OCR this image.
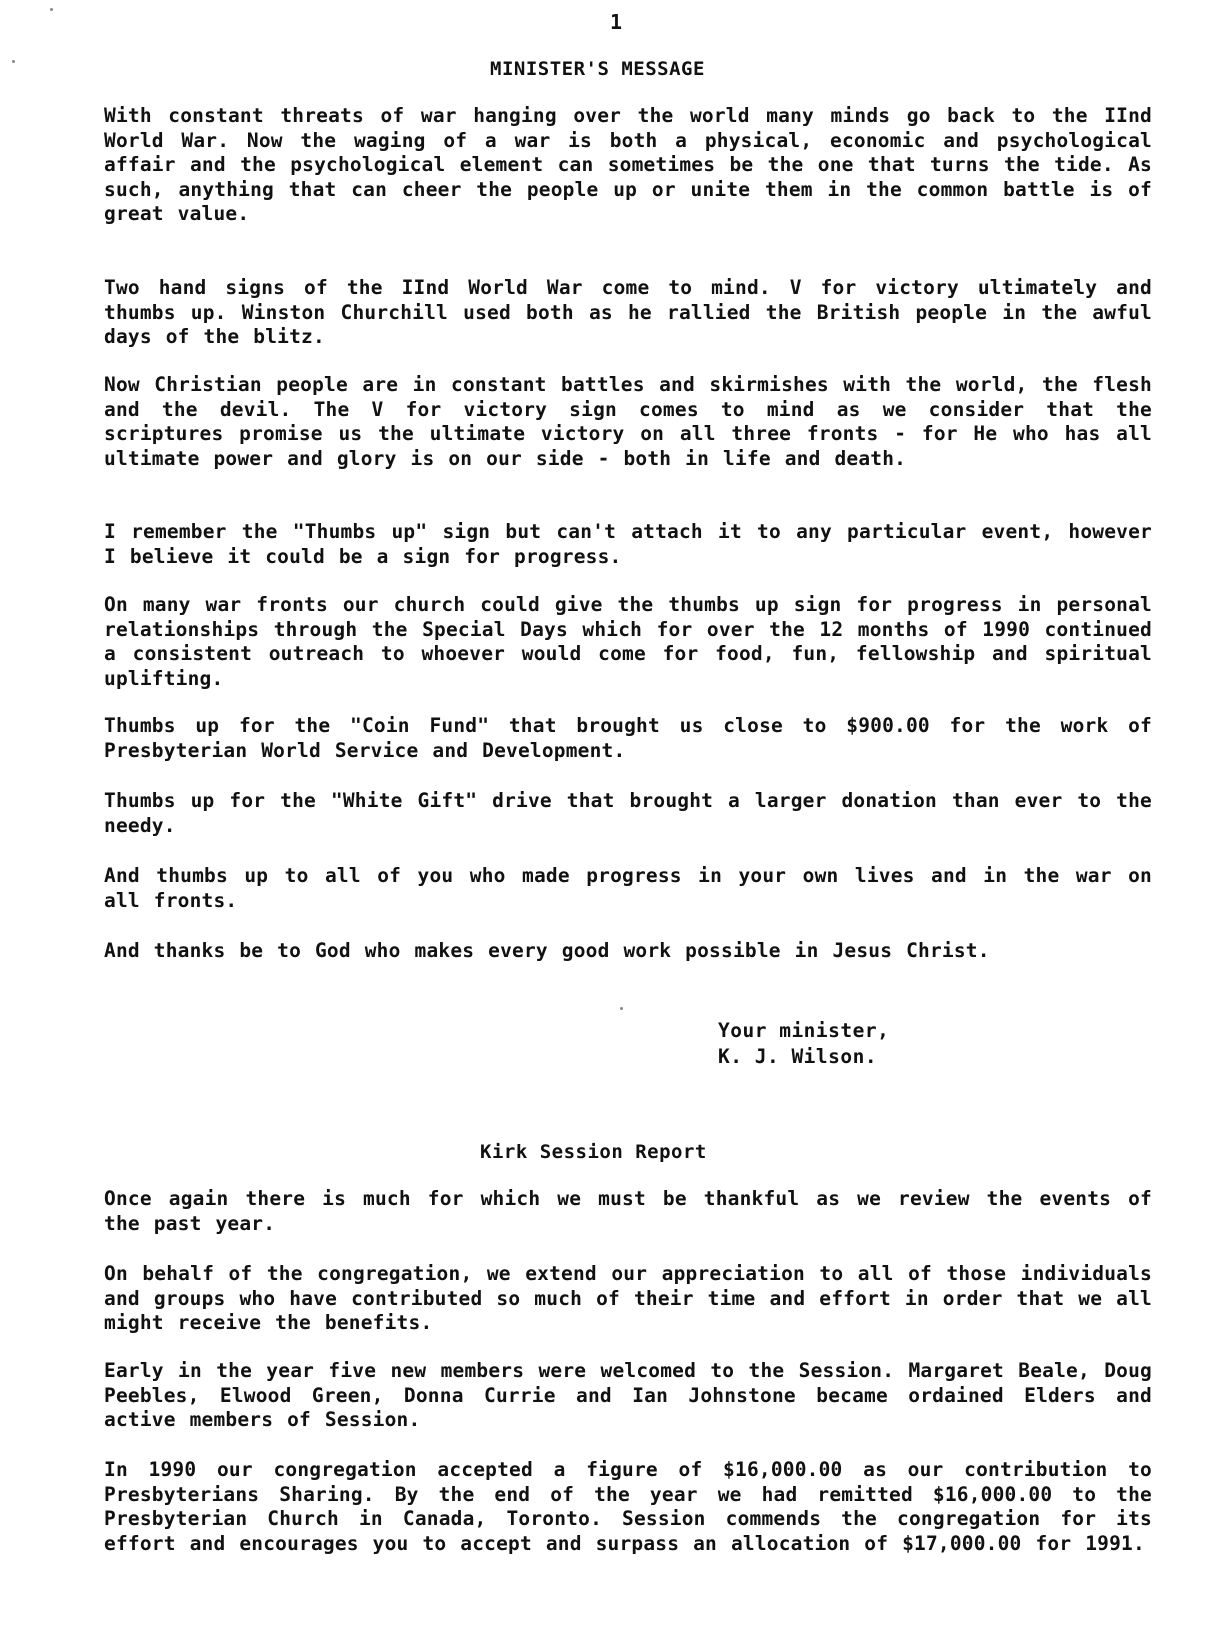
1
MINISTER'S MESSAGE
With constant threats of war hanging over the world many minds go back to the IInd World War. Now the waging of a war is both a physical, economic and psychological affair and the psychological element can sometimes be the one that turns the tide. As such, anything that can cheer the people up or unite them in the common battle is of great value.
Two hand signs of the IInd World War come to mind. V for victory ultimately and thumbs up. Winston Churchill used both as he rallied the British people in the awful days of the blitz.
Now Christian people are in constant battles and skirmishes with the world, the flesh and the devil. The V for victory sign comes to mind as we consider that the scriptures promise us the ultimate victory on all three fronts - for He who has all ultimate power and glory is on our side - both in life and death.
I remember the "Thumbs up" sign but can't attach it to any particular event, however I believe it could be a sign for progress.
On many war fronts our church could give the thumbs up sign for progress in personal relationships through the Special Days which for over the 12 months of 1990 continued a consistent outreach to whoever would come for food, fun, fellowship and spiritual uplifting.
Thumbs up for the "Coin Fund" that brought us close to $900.00 for the work of Presbyterian World Service and Development.
Thumbs up for the "White Gift" drive that brought a larger donation than ever to the needy.
And thumbs up to all of you who made progress in your own lives and in the war on all fronts.
And thanks be to God who makes every good work possible in Jesus Christ.
Your minister,
K. J. Wilson.
Kirk Session Report
Once again there is much for which we must be thankful as we review the events of the past year.
On behalf of the congregation, we extend our appreciation to all of those individuals and groups who have contributed so much of their time and effort in order that we all might receive the benefits.
Early in the year five new members were welcomed to the Session. Margaret Beale, Doug Peebles, Elwood Green, Donna Currie and Ian Johnstone became ordained Elders and active members of Session.
In 1990 our congregation accepted a figure of $16,000.00 as our contribution to Presbyterians Sharing. By the end of the year we had remitted $16,000.00 to the Presbyterian Church in Canada, Toronto. Session commends the congregation for its effort and encourages you to accept and surpass an allocation of $17,000.00 for 1991.
